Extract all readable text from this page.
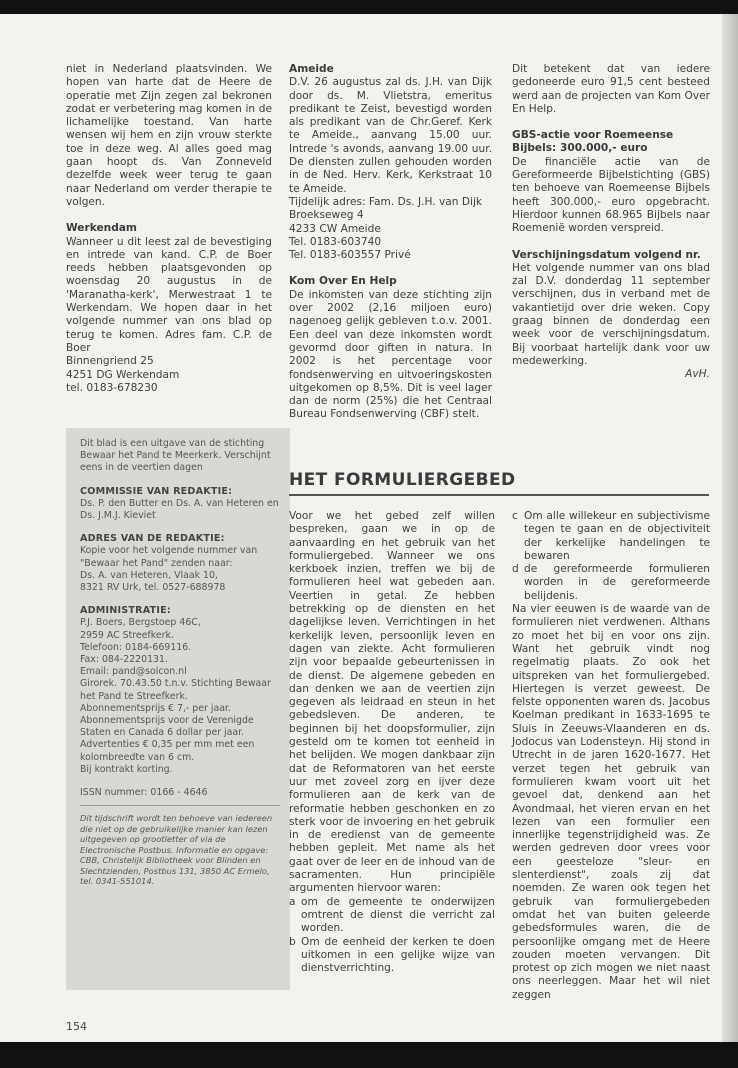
niet in Nederland plaatsvinden. We hopen van harte dat de Heere de operatie met Zijn zegen zal bekronen zodat er verbetering mag komen in de lichamelijke toestand. Van harte wensen wij hem en zijn vrouw sterkte toe in deze weg. Al alles goed mag gaan hoopt ds. Van Zonneveld dezelfde week weer terug te gaan naar Nederland om verder therapie te volgen.

Werkendam

Wanneer u dit leest zal de bevestiging en intrede van kand. C.P. de Boer reeds hebben plaatsgevonden op woensdag 20 augustus in de 'Maranatha-kerk', Merwestraat 1 te Werkendam. We hopen daar in het volgende nummer van ons blad op terug te komen. Adres fam. C.P. de Boer

Binnengriend 25

4251 DG Werkendam

tel. 0183-678230

Ameide

D.V. 26 augustus zal ds. J.H. van Dijk door ds. M. Vlietstra, emeritus predikant te Zeist, bevestigd worden als predikant van de Chr.Geref. Kerk te Ameide., aanvang 15.00 uur. Intrede 's avonds, aanvang 19.00 uur. De diensten zullen gehouden worden in de Ned. Herv. Kerk, Kerkstraat 10 te Ameide.

Tijdelijk adres: Fam. Ds. J.H. van Dijk

Broekseweg 4

4233 CW Ameide

Tel. 0183-603740

Tel. 0183-603557 Privé

Kom Over En Help

De inkomsten van deze stichting zijn over 2002 (2,16 miljoen euro) nagenoeg gelijk gebleven t.o.v. 2001. Een deel van deze inkomsten wordt gevormd door giften in natura. In 2002 is het percentage voor fondsenwerving en uitvoeringskosten uitgekomen op 8,5%. Dit is veel lager dan de norm (25%) die het Centraal Bureau Fondsenwerving (CBF) stelt.

Dit betekent dat van iedere gedoneerde euro 91,5 cent besteed werd aan de projecten van Kom Over En Help.

GBS-actie voor Roemeense Bijbels: 300.000,- euro

De financiële actie van de Gereformeerde Bijbelstichting (GBS) ten behoeve van Roemeense Bijbels heeft 300.000,- euro opgebracht. Hierdoor kunnen 68.965 Bijbels naar Roemenië worden verspreid.

Verschijningsdatum volgend nr.

Het volgende nummer van ons blad zal D.V. donderdag 11 september verschijnen, dus in verband met de vakantietijd over drie weken. Copy graag binnen de donderdag een week voor de verschijningsdatum. Bij voorbaat hartelijk dank voor uw medewerking.

AvH.

Dit blad is een uitgave van de stichting Bewaar het Pand te Meerkerk. Verschijnt eens in de veertien dagen

COMMISSIE VAN REDAKTIE:

Ds. P. den Butter en Ds. A. van Heteren en Ds. J.M.J. Kieviet

ADRES VAN DE REDAKTIE:

Kopie voor het volgende nummer van "Bewaar het Pand" zenden naar:

Ds. A. van Heteren, Vlaak 10,

8321 RV Urk, tel. 0527-688978

ADMINISTRATIE:

P.J. Boers, Bergstoep 46C,

2959 AC Streefkerk.

Telefoon: 0184-669116.

Fax: 084-2220131.

Email: pand@solcon.nl

Girorek. 70.43.50 t.n.v. Stichting Bewaar het Pand te Streefkerk.

Abonnementsprijs € 7,- per jaar.

Abonnementsprijs voor de Verenigde Staten en Canada 6 dollar per jaar.

Advertenties € 0,35 per mm met een kolombreedte van 6 cm.

Bij kontrakt korting.

ISSN nummer: 0166 - 4646

Dit tijdschrift wordt ten behoeve van iedereen die niet op de gebruikelijke manier kan lezen uitgegeven op grootletter of via de Electronische Postbus. Informatie en opgave: CBB, Christelijk Bibliotheek voor Blinden en Slechtzienden, Postbus 131, 3850 AC Ermelo, tel. 0341-551014.

HET FORMULIERGEBED

Voor we het gebed zelf willen bespreken, gaan we in op de aanvaarding en het gebruik van het formuliergebed. Wanneer we ons kerkboek inzien, treffen we bij de formulieren heel wat gebeden aan. Veertien in getal. Ze hebben betrekking op de diensten en het dagelijkse leven. Verrichtingen in het kerkelijk leven, persoonlijk leven en dagen van ziekte. Acht formulieren zijn voor bepaalde gebeurtenissen in de dienst. De algemene gebeden en dan denken we aan de veertien zijn gegeven als leidraad en steun in het gebedsleven. De anderen, te beginnen bij het doopsformulier, zijn gesteld om te komen tot eenheid in het belijden. We mogen dankbaar zijn dat de Reformatoren van het eerste uur met zoveel zorg en ijver deze formulieren aan de kerk van de reformatie hebben geschonken en zo sterk voor de invoering en het gebruik in de eredienst van de gemeente hebben gepleit. Met name als het gaat over de leer en de inhoud van de sacramenten. Hun principiële argumenten hiervoor waren:

a om de gemeente te onderwijzen omtrent de dienst die verricht zal worden.
b Om de eenheid der kerken te doen uitkomen in een gelijke wijze van dienstverrichting.
c Om alle willekeur en subjectivisme tegen te gaan en de objectiviteit der kerkelijke handelingen te bewaren
d de gereformeerde formulieren worden in de gereformeerde belijdenis.

Na vier eeuwen is de waarde van de formulieren niet verdwenen. Althans zo moet het bij en voor ons zijn. Want het gebruik vindt nog regelmatig plaats. Zo ook het uitspreken van het formuliergebed. Hiertegen is verzet geweest. De felste opponenten waren ds. Jacobus Koelman predikant in 1633-1695 te Sluis in Zeeuws-Vlaanderen en ds. Jodocus van Lodensteyn. Hij stond in Utrecht in de jaren 1620-1677. Het verzet tegen het gebruik van formulieren kwam voort uit het gevoel dat, denkend aan het Avondmaal, het vieren ervan en het lezen van een formulier een innerlijke tegenstrijdigheid was. Ze werden gedreven door vrees voor een geesteloze "sleur- en slenterdienst", zoals zij dat noemden. Ze waren ook tegen het gebruik van formuliergebeden omdat het van buiten geleerde gebedsformules waren, die de persoonlijke omgang met de Heere zouden moeten vervangen. Dit protest op zich mogen we niet naast ons neerleggen. Maar het wil niet zeggen

154
